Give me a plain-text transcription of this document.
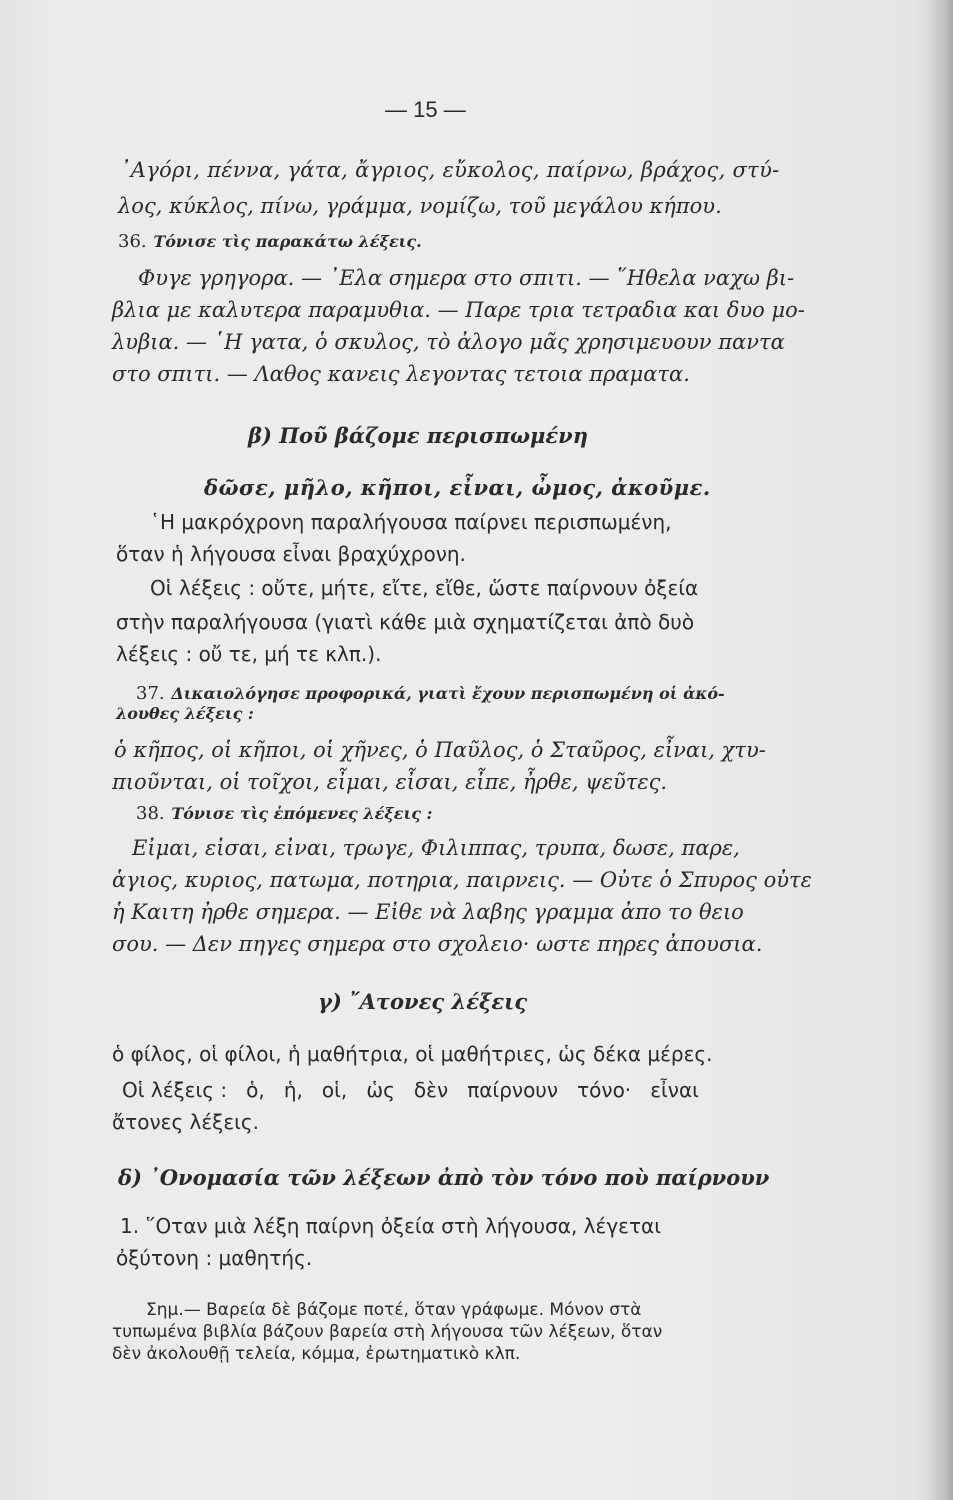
— 15 —
᾿Αγόρι, πέννα, γάτα, ἄγριος, εὔκολος, παίρνω, βράχος, στύ-
λος, κύκλος, πίνω, γράμμα, νομίζω, τοῦ μεγάλου κήπου.
36. Τόνισε τὶς παρακάτω λέξεις.
Φυγε γρηγορα. — ᾿Ελα σημερα στο σπιτι. — ῞Ηθελα ναχω βι-
βλια με καλυτερα παραμυθια. — Παρε τρια τετραδια και δυο μο-
λυβια. — ῾Η γατα, ὁ σκυλος, τὸ ἀλογο μᾶς χρησιμευουν παντα
στο σπιτι. — Λαθος κανεις λεγοντας τετοια πραματα.
β) Ποῦ βάζομε περισπωμένη
δῶσε, μῆλο, κῆποι, εἶναι, ὦμος, ἀκοῦμε.
῾Η μακρόχρονη παραλήγουσα παίρνει περισπωμένη,
ὅταν ἡ λήγουσα εἶναι βραχύχρονη.
Οἱ λέξεις : οὔτε, μήτε, εἴτε, εἴθε, ὥστε παίρνουν ὀξεία
στὴν παραλήγουσα (γιατὶ κάθε μιὰ σχηματίζεται ἀπὸ δυὸ
λέξεις : οὔ τε, μή τε κλπ.).
37. Δικαιολόγησε προφορικά, γιατὶ ἔχουν περισπωμένη οἱ ἀκό-
λουθες λέξεις :
ὁ κῆπος, οἱ κῆποι, οἱ χῆνες, ὁ Παῦλος, ὁ Σταῦρος, εἶναι, χτυ-
πιοῦνται, οἱ τοῖχοι, εἶμαι, εἶσαι, εἶπε, ἦρθε, ψεῦτες.
38. Τόνισε τὶς ἑπόμενες λέξεις :
Εἰμαι, εἰσαι, εἰναι, τρωγε, Φιλιππας, τρυπα, δωσε, παρε,
ἁγιος, κυριος, πατωμα, ποτηρια, παιρνεις. — Οὐτε ὁ Σπυρος οὐτε
ἡ Καιτη ἠρθε σημερα. — Εἰθε νὰ λαβης γραμμα ἀπο το θειο
σου. — Δεν πηγες σημερα στο σχολειο· ωστε πηρες ἀπουσια.
γ) ῎Ατονες λέξεις
ὁ φίλος, οἱ φίλοι, ἡ μαθήτρια, οἱ μαθήτριες, ὡς δέκα μέρες.
Οἱ λέξεις :   ὁ,   ἡ,   οἱ,   ὡς   δὲν   παίρνουν   τόνο·   εἶναι
ἄτονες λέξεις.
δ) ᾿Ονομασία τῶν λέξεων ἀπὸ τὸν τόνο ποὺ παίρνουν
1. ῞Οταν μιὰ λέξη παίρνη ὀξεία στὴ λήγουσα, λέγεται
ὀξύτονη : μαθητής.
Σημ.— Βαρεία δὲ βάζομε ποτέ, ὅταν γράφωμε. Μόνον στὰ
τυπωμένα βιβλία βάζουν βαρεία στὴ λήγουσα τῶν λέξεων, ὅταν
δὲν ἀκολουθῇ τελεία, κόμμα, ἐρωτηματικὸ κλπ.
